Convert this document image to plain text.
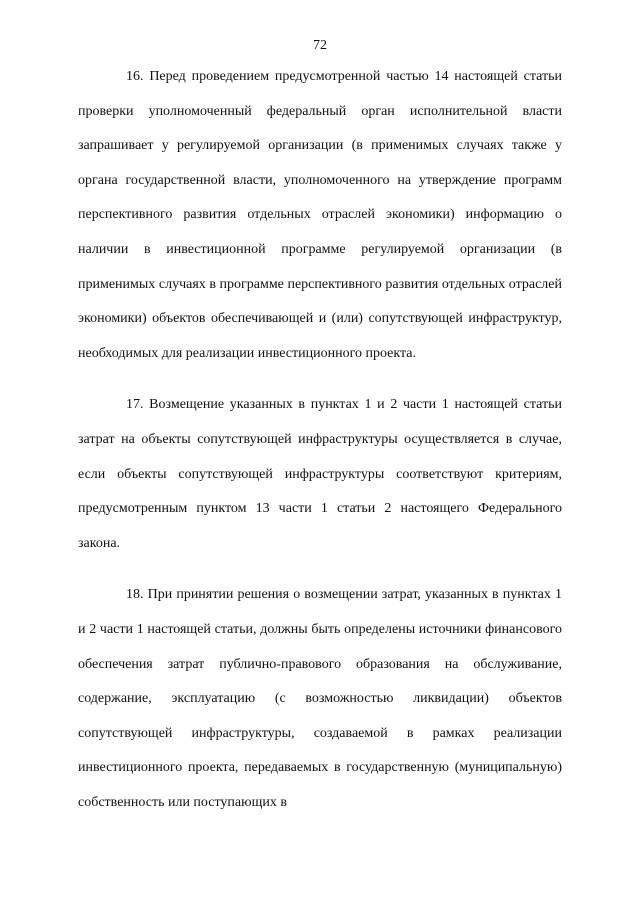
72

16. Перед проведением предусмотренной частью 14 настоящей статьи проверки уполномоченный федеральный орган исполнительной власти запрашивает у регулируемой организации (в применимых случаях также у органа государственной власти, уполномоченного на утверждение программ перспективного развития отдельных отраслей экономики) информацию о наличии в инвестиционной программе регулируемой организации (в применимых случаях в программе перспективного развития отдельных отраслей экономики) объектов обеспечивающей и (или) сопутствующей инфраструктур, необходимых для реализации инвестиционного проекта.

17. Возмещение указанных в пунктах 1 и 2 части 1 настоящей статьи затрат на объекты сопутствующей инфраструктуры осуществляется в случае, если объекты сопутствующей инфраструктуры соответствуют критериям, предусмотренным пунктом 13 части 1 статьи 2 настоящего Федерального закона.

18. При принятии решения о возмещении затрат, указанных в пунктах 1 и 2 части 1 настоящей статьи, должны быть определены источники финансового обеспечения затрат публично-правового образования на обслуживание, содержание, эксплуатацию (с возможностью ликвидации) объектов сопутствующей инфраструктуры, создаваемой в рамках реализации инвестиционного проекта, передаваемых в государственную (муниципальную) собственность или поступающих в
